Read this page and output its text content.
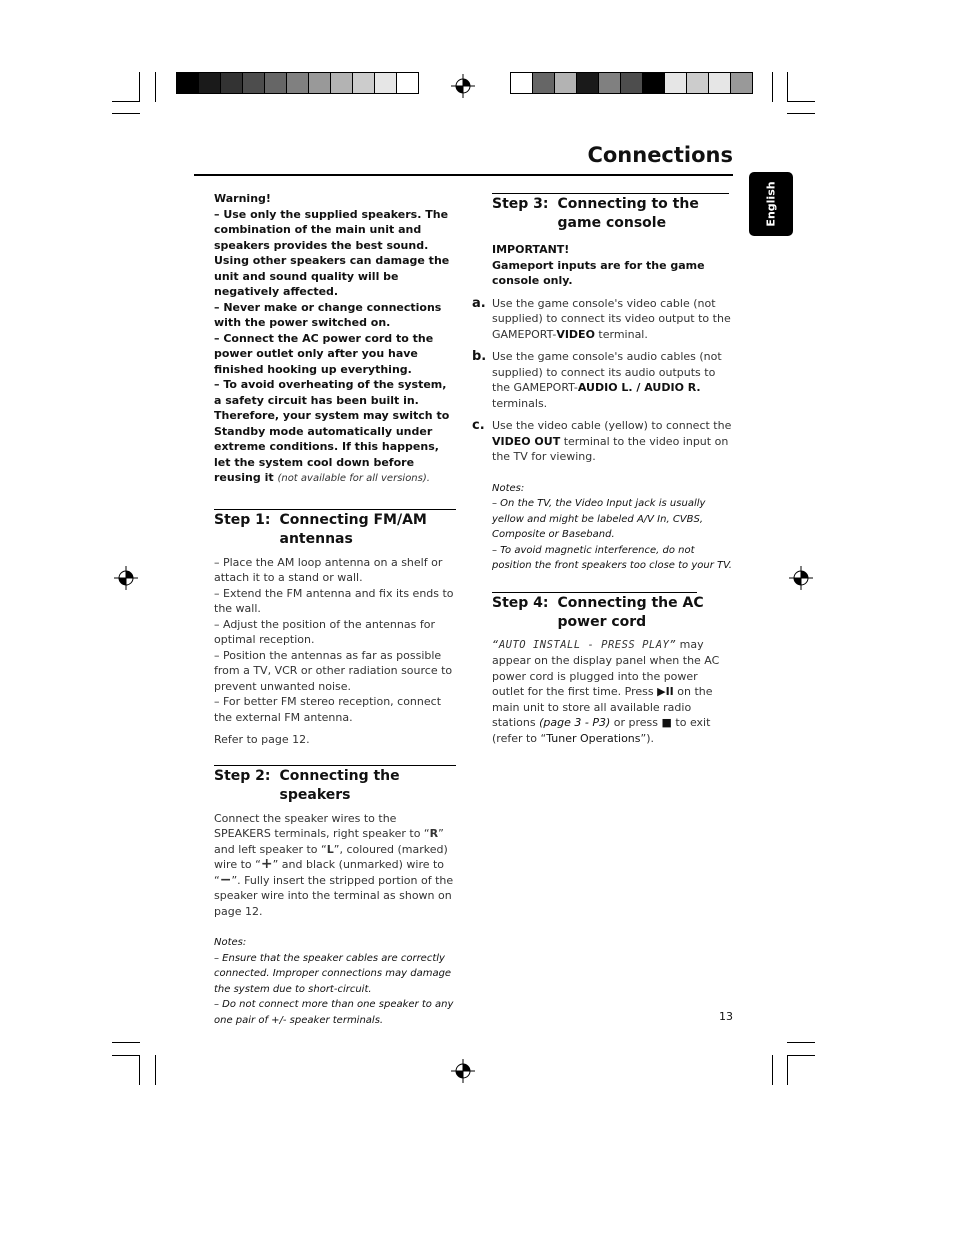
Connections
English
Warning!
– Use only the supplied speakers. The combination of the main unit and speakers provides the best sound. Using other speakers can damage the unit and sound quality will be negatively affected.
– Never make or change connections with the power switched on.
– Connect the AC power cord to the power outlet only after you have finished hooking up everything.
– To avoid overheating of the system, a safety circuit has been built in. Therefore, your system may switch to Standby mode automatically under extreme conditions. If this happens, let the system cool down before reusing it (not available for all versions).
Step 1: Connecting FM/AM antennas
– Place the AM loop antenna on a shelf or attach it to a stand or wall.
– Extend the FM antenna and fix its ends to the wall.
– Adjust the position of the antennas for optimal reception.
– Position the antennas as far as possible from a TV, VCR or other radiation source to prevent unwanted noise.
– For better FM stereo reception, connect the external FM antenna.
Refer to page 12.
Step 2: Connecting the speakers
Connect the speaker wires to the SPEAKERS terminals, right speaker to “R” and left speaker to “L”, coloured (marked) wire to “+” and black (unmarked) wire to “−”. Fully insert the stripped portion of the speaker wire into the terminal as shown on page 12.
Notes:
– Ensure that the speaker cables are correctly connected. Improper connections may damage the system due to short-circuit.
– Do not connect more than one speaker to any one pair of +/- speaker terminals.
Step 3: Connecting to the game console
IMPORTANT!
Gameport inputs are for the game console only.
a. Use the game console's video cable (not supplied) to connect its video output to the GAMEPORT-VIDEO terminal.
b. Use the game console's audio cables (not supplied) to connect its audio outputs to the GAMEPORT-AUDIO L. / AUDIO R.
terminals.
c. Use the video cable (yellow) to connect the VIDEO OUT terminal to the video input on the TV for viewing.
Notes:
– On the TV, the Video Input jack is usually yellow and might be labeled A/V In, CVBS, Composite or Baseband.
– To avoid magnetic interference, do not position the front speakers too close to your TV.
Step 4: Connecting the AC power cord
“AUTO INSTALL - PRESS PLAY” may appear on the display panel when the AC power cord is plugged into the power outlet for the first time. Press ▶II on the main unit to store all available radio stations (page 3 - P3) or press ■ to exit (refer to “Tuner Operations”).
13
